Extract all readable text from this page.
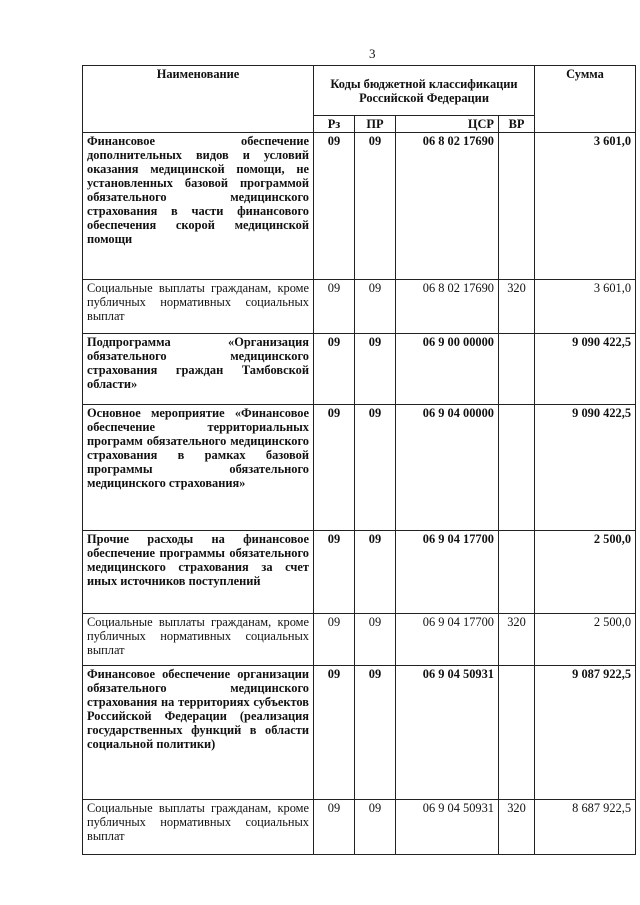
3
Наименование	Коды бюджетной классификации Российской Федерации				Сумма
	Рз	ПР	ЦСР	ВР	
Финансовое обеспечение дополнительных видов и условий оказания медицинской помощи, не установленных базовой программой обязательного медицинского страхования в части финансового обеспечения скорой медицинской помощи	09	09	06 8 02 17690		3 601,0
Социальные выплаты гражданам, кроме публичных нормативных социальных выплат	09	09	06 8 02 17690	320	3 601,0
Подпрограмма «Организация обязательного медицинского страхования граждан Тамбовской области»	09	09	06 9 00 00000		9 090 422,5
Основное мероприятие «Финансовое обеспечение территориальных программ обязательного медицинского страхования в рамках базовой программы обязательного медицинского страхования»	09	09	06 9 04 00000		9 090 422,5
Прочие расходы на финансовое обеспечение программы обязательного медицинского страхования за счет иных источников поступлений	09	09	06 9 04 17700		2 500,0
Социальные выплаты гражданам, кроме публичных нормативных социальных выплат	09	09	06 9 04 17700	320	2 500,0
Финансовое обеспечение организации обязательного медицинского страхования на территориях субъектов Российской Федерации (реализация государственных функций в области социальной политики)	09	09	06 9 04 50931		9 087 922,5
Социальные выплаты гражданам, кроме публичных нормативных социальных выплат	09	09	06 9 04 50931	320	8 687 922,5
